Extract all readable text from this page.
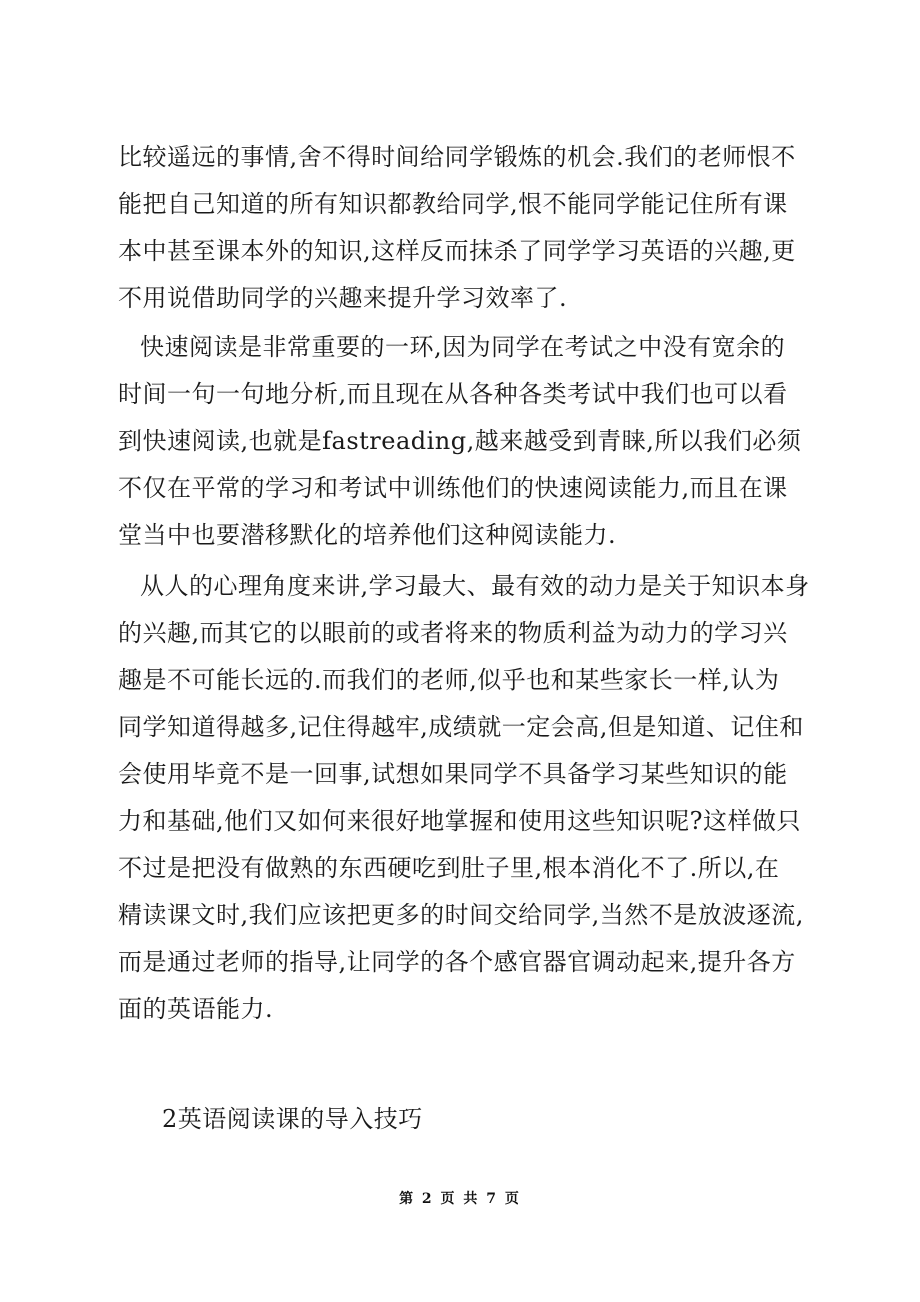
比较遥远的事情,舍不得时间给同学锻炼的机会.我们的老师恨不
能把自己知道的所有知识都教给同学,恨不能同学能记住所有课
本中甚至课本外的知识,这样反而抹杀了同学学习英语的兴趣,更
不用说借助同学的兴趣来提升学习效率了.
快速阅读是非常重要的一环,因为同学在考试之中没有宽余的
时间一句一句地分析,而且现在从各种各类考试中我们也可以看
到快速阅读,也就是fastreading,越来越受到青睐,所以我们必须
不仅在平常的学习和考试中训练他们的快速阅读能力,而且在课
堂当中也要潜移默化的培养他们这种阅读能力.
从人的心理角度来讲,学习最大、最有效的动力是关于知识本身
的兴趣,而其它的以眼前的或者将来的物质利益为动力的学习兴
趣是不可能长远的.而我们的老师,似乎也和某些家长一样,认为
同学知道得越多,记住得越牢,成绩就一定会高,但是知道、记住和
会使用毕竟不是一回事,试想如果同学不具备学习某些知识的能
力和基础,他们又如何来很好地掌握和使用这些知识呢?这样做只
不过是把没有做熟的东西硬吃到肚子里,根本消化不了.所以,在
精读课文时,我们应该把更多的时间交给同学,当然不是放波逐流,
而是通过老师的指导,让同学的各个感官器官调动起来,提升各方
面的英语能力.
2英语阅读课的导入技巧
第 2 页 共 7 页
